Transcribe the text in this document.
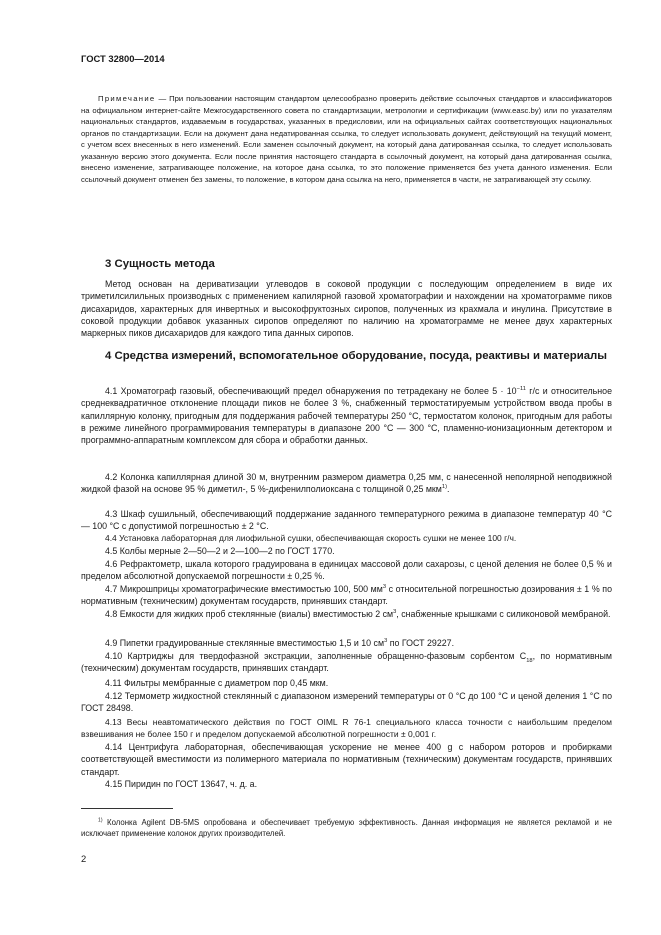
ГОСТ 32800—2014
Примечание — При пользовании настоящим стандартом целесообразно проверить действие ссылочных стандартов и классификаторов на официальном интернет-сайте Межгосударственного совета по стандартизации, метрологии и сертификации (www.easc.by) или по указателям национальных стандартов, издаваемым в государствах, указанных в предисловии, или на официальных сайтах соответствующих национальных органов по стандартизации. Если на документ дана недатированная ссылка, то следует использовать документ, действующий на текущий момент, с учетом всех внесенных в него изменений. Если заменен ссылочный документ, на который дана датированная ссылка, то следует использовать указанную версию этого документа. Если после принятия настоящего стандарта в ссылочный документ, на который дана датированная ссылка, внесено изменение, затрагивающее положение, на которое дана ссылка, то это положение применяется без учета данного изменения. Если ссылочный документ отменен без замены, то положение, в котором дана ссылка на него, применяется в части, не затрагивающей эту ссылку.
3 Сущность метода

Метод основан на дериватизации углеводов в соковой продукции с последующим определением в виде их триметилсилильных производных с применением капилярной газовой хроматографии и нахождении на хроматограмме пиков дисахаридов, характерных для инвертных и высокофруктозных сиропов, полученных из крахмала и инулина. Присутствие в соковой продукции добавок указанных сиропов определяют по наличию на хроматограмме не менее двух характерных маркерных пиков дисахаридов для каждого типа данных сиропов.

4 Средства измерений, вспомогательное оборудование, посуда, реактивы и материалы

4.1 Хроматограф газовый, обеспечивающий предел обнаружения по тетрадекану не более $5 \cdot 10^{-11}$ г/с и относительное среднеквадратичное отклонение площади пиков не более 3 %, снабженный термостатируемым устройством ввода пробы в капиллярную колонку, пригодным для поддержания рабочей температуры 250 °С, термостатом колонок, пригодным для работы в режиме линейного программирования температуры в диапазоне 200 °С — 300 °С, пламенно-ионизационным детектором и программно-аппаратным комплексом для сбора и обработки данных.

4.2 Колонка капиллярная длиной 30 м, внутренним размером диаметра 0,25 мм, с нанесенной неполярной неподвижной жидкой фазой на основе 95 % диметил-, 5 %-дифенилполиоксана с толщиной 0,25 мкм$^{1)}$.

4.3 Шкаф сушильный, обеспечивающий поддержание заданного температурного режима в диапазоне температур 40 °С — 100 °С с допустимой погрешностью ± 2 °С.

4.4 Установка лабораторная для лиофильной сушки, обеспечивающая скорость сушки не менее 100 г/ч.

4.5 Колбы мерные 2—50—2 и 2—100—2 по ГОСТ 1770.

4.6 Рефрактометр, шкала которого градуирована в единицах массовой доли сахарозы, с ценой деления не более 0,5 % и пределом абсолютной допускаемой погрешности ± 0,25 %.

4.7 Микрошприцы хроматографические вместимостью 100, 500 $мм^3$ с относительной погрешностью дозирования ± 1 % по нормативным (техническим) документам государств, принявших стандарт.

4.8 Емкости для жидких проб стеклянные (виалы) вместимостью 2 $см^3$, снабженные крышками с силиконовой мембраной.

4.9 Пипетки градуированные стеклянные вместимостью 1,5 и 10 $см^3$ по ГОСТ 29227.

4.10 Картриджы для твердофазной экстракции, заполненные обращенно-фазовым сорбентом $С_{18}$, по нормативным (техническим) документам государств, принявших стандарт.

4.11 Фильтры мембранные с диаметром пор 0,45 мкм.

4.12 Термометр жидкостной стеклянный с диапазоном измерений температуры от 0 °С до 100 °С и ценой деления 1 °С по ГОСТ 28498.

4.13 Весы неавтоматического действия по ГОСТ OIML R 76-1 специального класса точности с наибольшим пределом взвешивания не более 150 г и пределом допускаемой абсолютной погрешности ± 0,001 г.

4.14 Центрифуга лабораторная, обеспечивающая ускорение не менее 400 g с набором роторов и пробирками соответствующей вместимости из полимерного материала по нормативным (техническим) документам государств, принявших стандарт.

4.15 Пиридин по ГОСТ 13647, ч. д. а.

$^{1)}$ Колонка Agilent DB-5MS опробована и обеспечивает требуемую эффективность. Данная информация не является рекламой и не исключает применение колонок других производителей.
2
